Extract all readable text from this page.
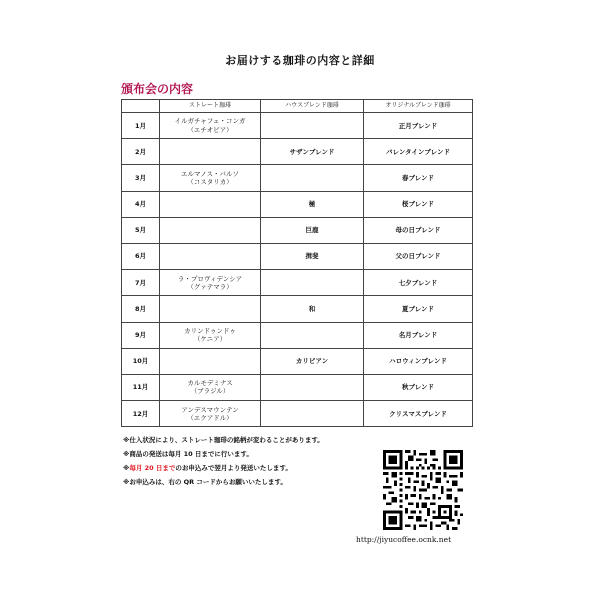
お届けする珈琲の内容と詳細
頒布会の内容
	ストレート珈琲	ハウスブレンド珈琲	オリジナルブレンド珈琲
1月	イルガチャフェ・コンガ
（エチオピア）		正月ブレンド
2月		サザンブレンド	バレンタインブレンド
3月	エルマノス・バルソ
（コスタリカ）		春ブレンド
4月		極	桜ブレンド
5月		巨鹿	母の日ブレンド
6月		揖斐	父の日ブレンド
7月	ラ・プロヴィデンシア
（グァテマラ）		七夕ブレンド
8月		和	夏ブレンド
9月	カリンドゥンドゥ
（ケニア）		名月ブレンド
10月		カリビアン	ハロウィンブレンド
11月	カルモデミナス
（ブラジル）		秋ブレンド
12月	アンデスマウンテン
（エクアドル）		クリスマスブレンド
※仕入状況により、ストレート珈琲の銘柄が変わることがあります。
※商品の発送は毎月 10 日までに行います。
※毎月 20 日までのお申込みで翌月より発送いたします。
※お申込みは、右の QR コードからお願いいたします。
http://jiyucoffee.ocnk.net
